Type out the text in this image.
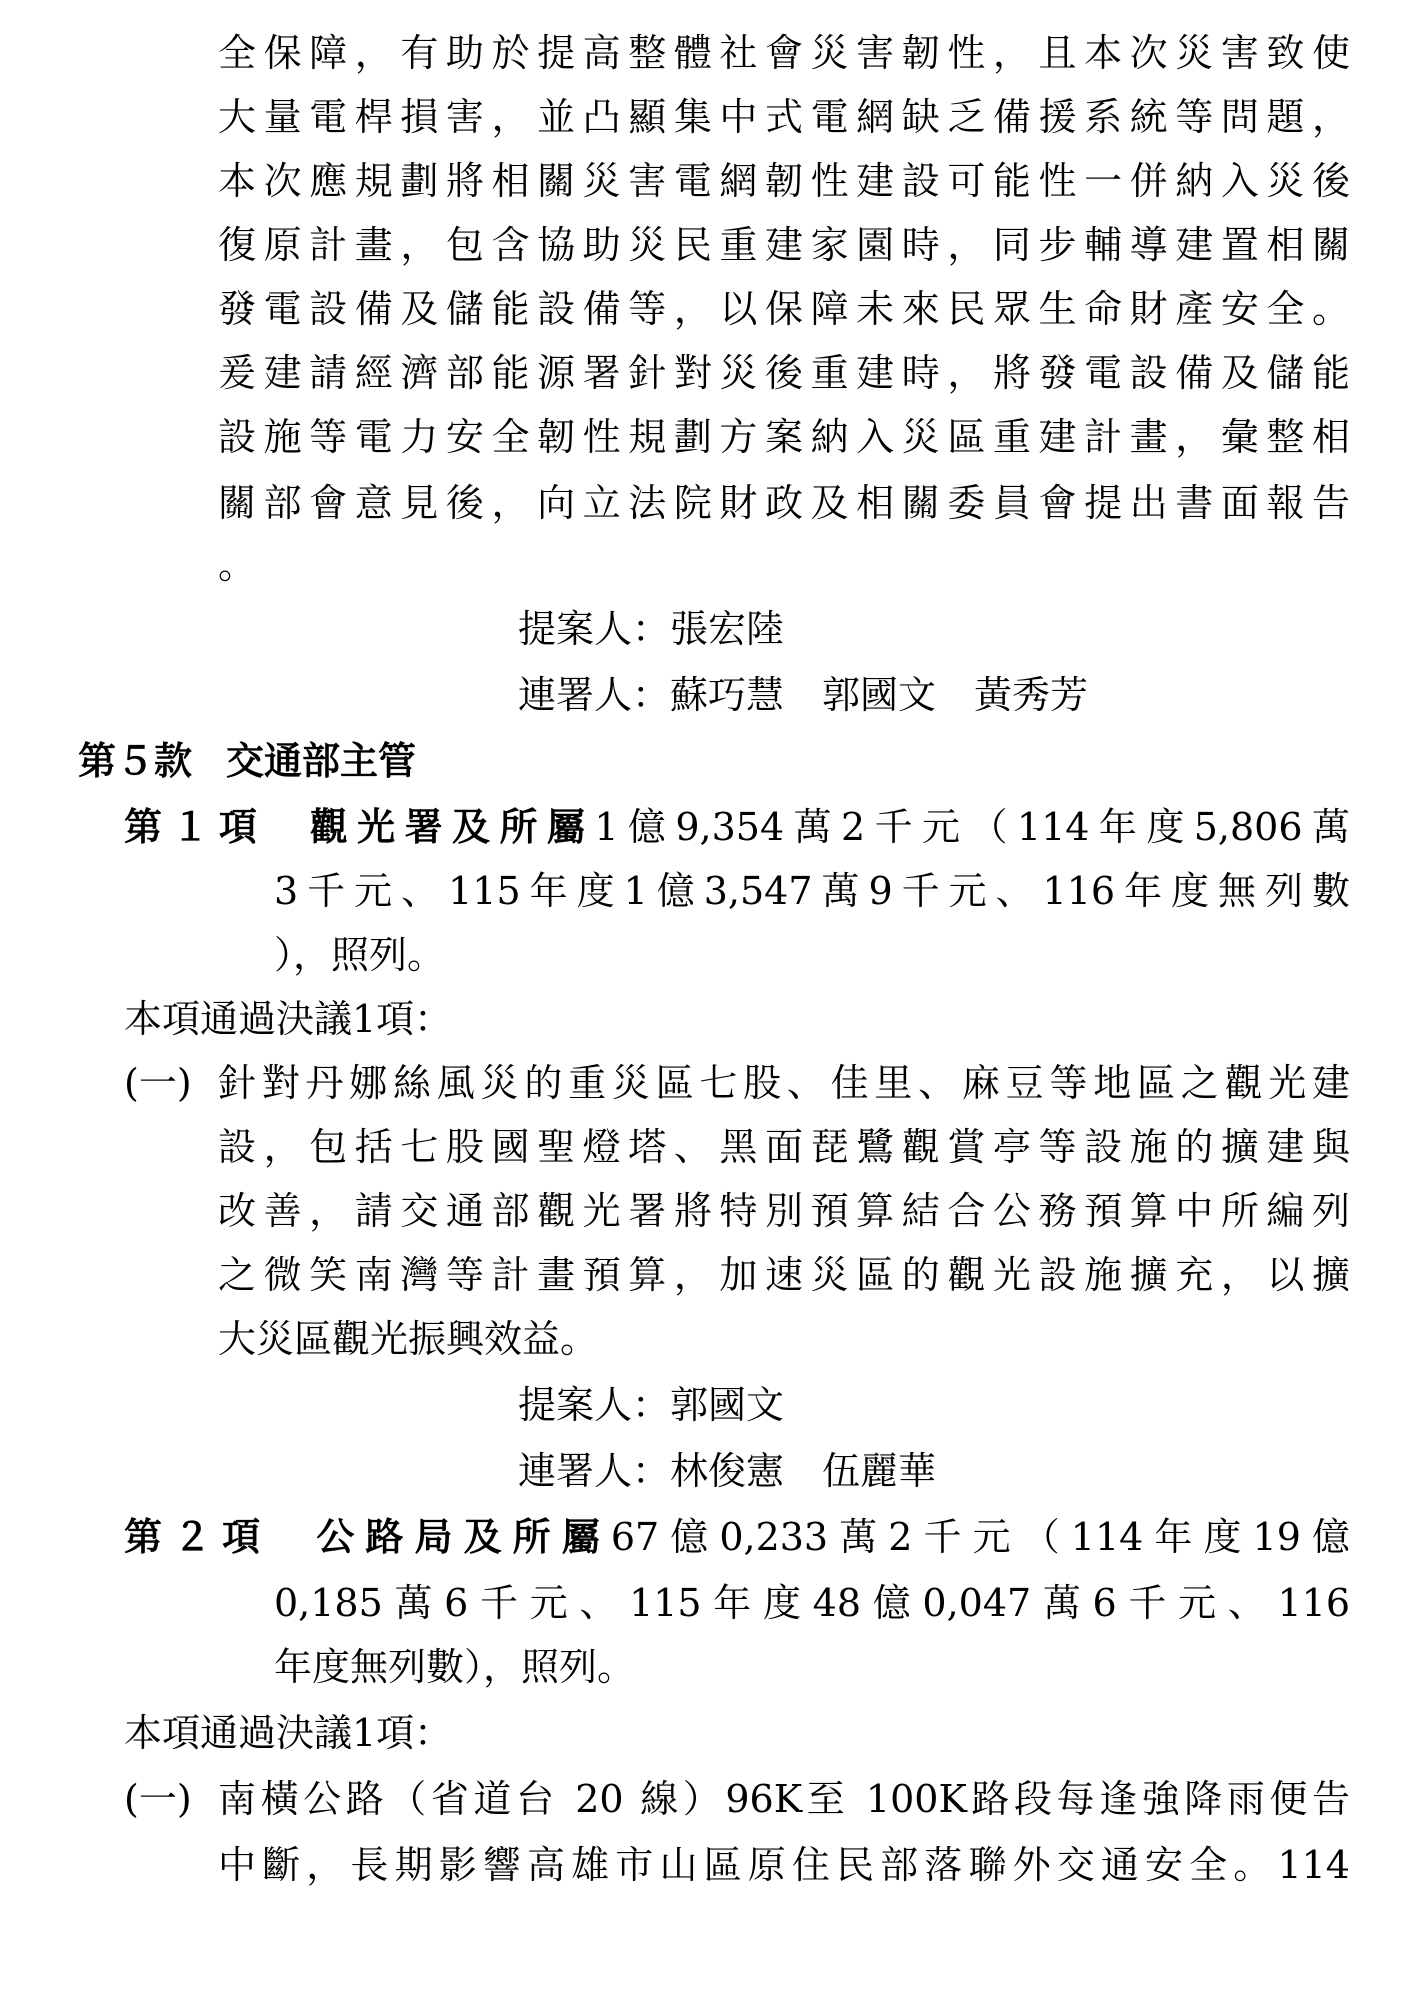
全保障，有助於提高整體社會災害韌性，且本次災害致使
大量電桿損害，並凸顯集中式電網缺乏備援系統等問題，
本次應規劃將相關災害電網韌性建設可能性一併納入災後
復原計畫，包含協助災民重建家園時，同步輔導建置相關
發電設備及儲能設備等，以保障未來民眾生命財產安全。
爰建請經濟部能源署針對災後重建時，將發電設備及儲能
設施等電力安全韌性規劃方案納入災區重建計畫，彙整相
關部會意見後，向立法院財政及相關委員會提出書面報告
。
提案人：張宏陸
連署人：蘇巧慧　郭國文　黃秀芳
第５款 交通部主管
第１項 觀光署及所屬1億9,354萬2千元（114年度5,806萬
3千元、115年度1億3,547萬9千元、116年度無列數
），照列。
本項通過決議1項：
(一) 針對丹娜絲風災的重災區七股、佳里、麻豆等地區之觀光建
設，包括七股國聖燈塔、黑面琵鷺觀賞亭等設施的擴建與
改善，請交通部觀光署將特別預算結合公務預算中所編列
之微笑南灣等計畫預算，加速災區的觀光設施擴充，以擴
大災區觀光振興效益。
提案人：郭國文
連署人：林俊憲　伍麗華
第２項 公路局及所屬67億0,233萬2千元（114年度19億
0,185萬6千元、115年度48億0,047萬6千元、116
年度無列數），照列。
本項通過決議1項：
(一) 南橫公路（省道台 20 線）96K至 100K路段每逢強降雨便告
中斷，長期影響高雄市山區原住民部落聯外交通安全。114
